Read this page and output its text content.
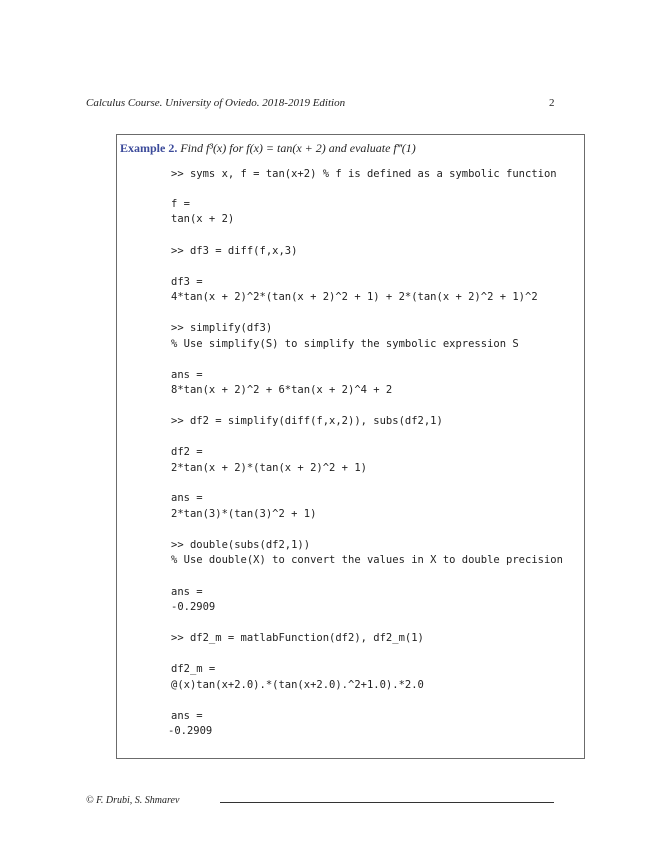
Calculus Course. University of Oviedo. 2018-2019 Edition	2
Example 2. Find f³(x) for f(x) = tan(x + 2) and evaluate f‴(1)
>> syms x, f = tan(x+2) % f is defined as a symbolic function
f =
tan(x + 2)
>> df3 = diff(f,x,3)
df3 =
4*tan(x + 2)^2*(tan(x + 2)^2 + 1) + 2*(tan(x + 2)^2 + 1)^2
>> simplify(df3)
% Use simplify(S) to simplify the symbolic expression S
ans =
8*tan(x + 2)^2 + 6*tan(x + 2)^4 + 2
>> df2 = simplify(diff(f,x,2)), subs(df2,1)
df2 =
2*tan(x + 2)*(tan(x + 2)^2 + 1)
ans =
2*tan(3)*(tan(3)^2 + 1)
>> double(subs(df2,1))
% Use double(X) to convert the values in X to double precision
ans =
-0.2909
>> df2_m = matlabFunction(df2), df2_m(1)
df2_m =
@(x)tan(x+2.0).*(tan(x+2.0).^2+1.0).*2.0
ans =
-0.2909
© F. Drubi, S. Shmarev
